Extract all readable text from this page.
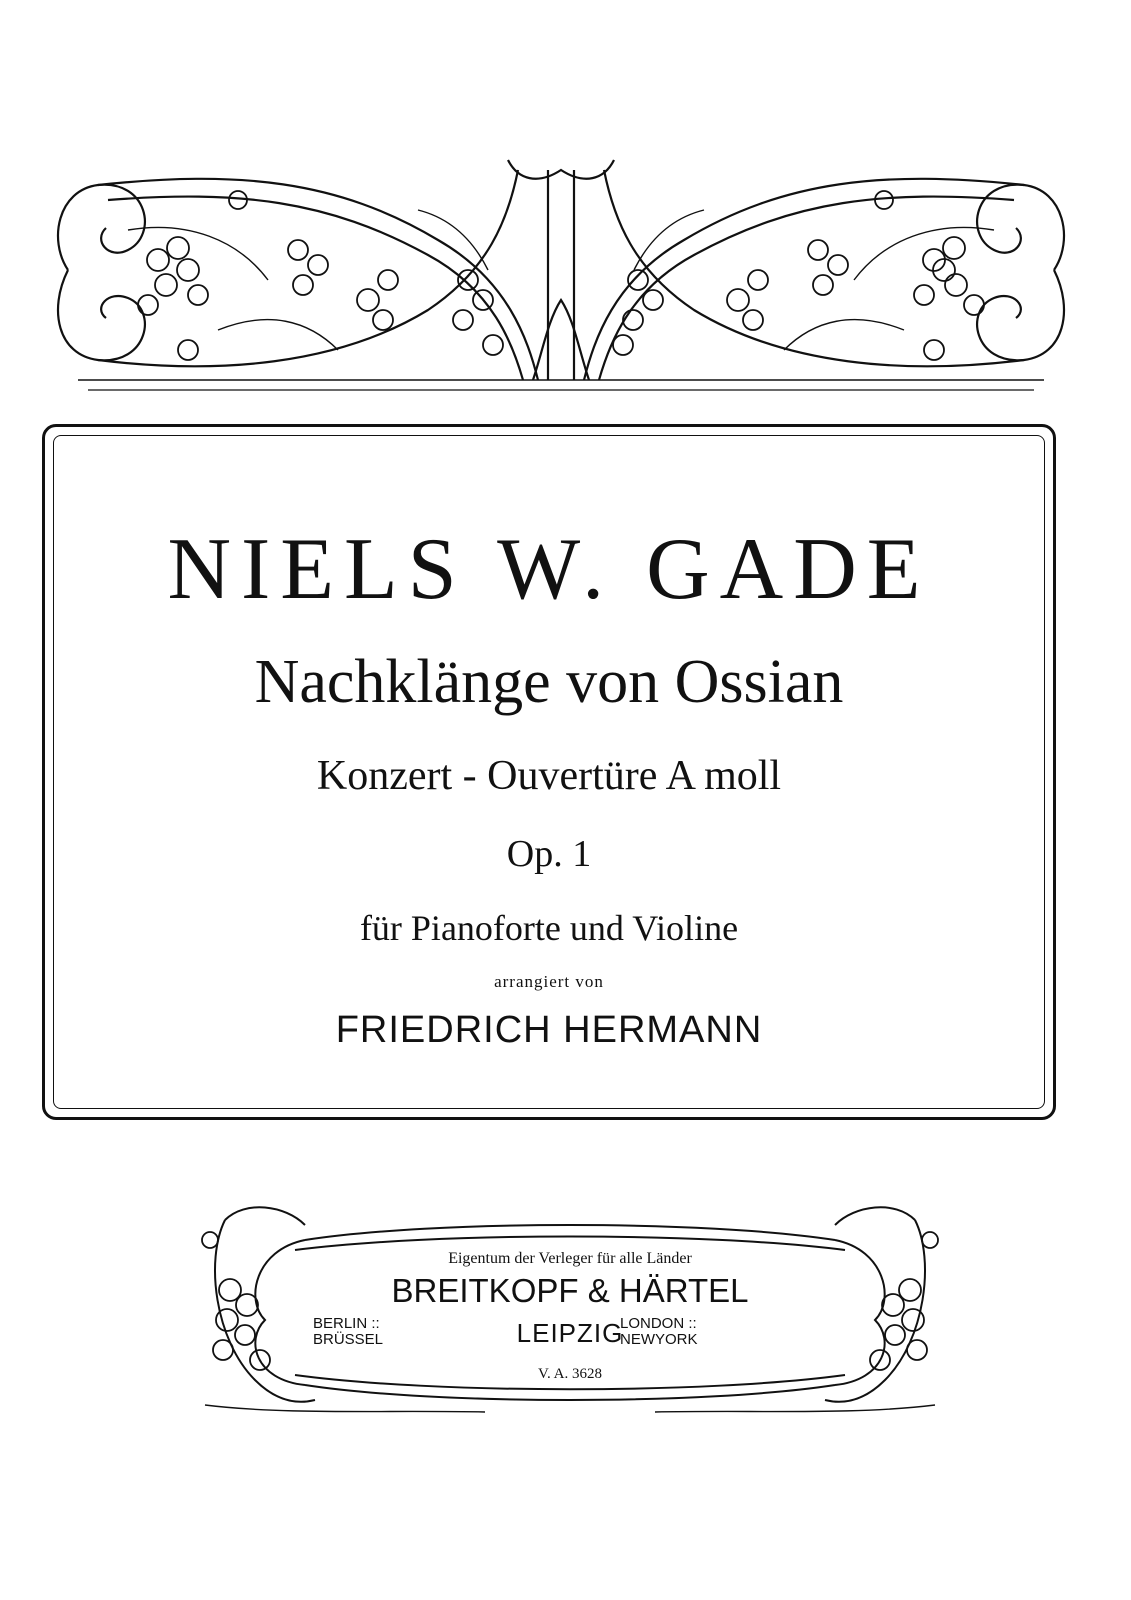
NIELS W. GADE
Nachklänge von Ossian
Konzert - Ouvertüre A moll
Op. 1
für Pianoforte und Violine
arrangiert von
FRIEDRICH HERMANN
Eigentum der Verleger für alle Länder
BREITKOPF & HÄRTEL
BERLIN ::
BRÜSSEL	LEIPZIG
LONDON ::
NEWYORK
V. A. 3628
